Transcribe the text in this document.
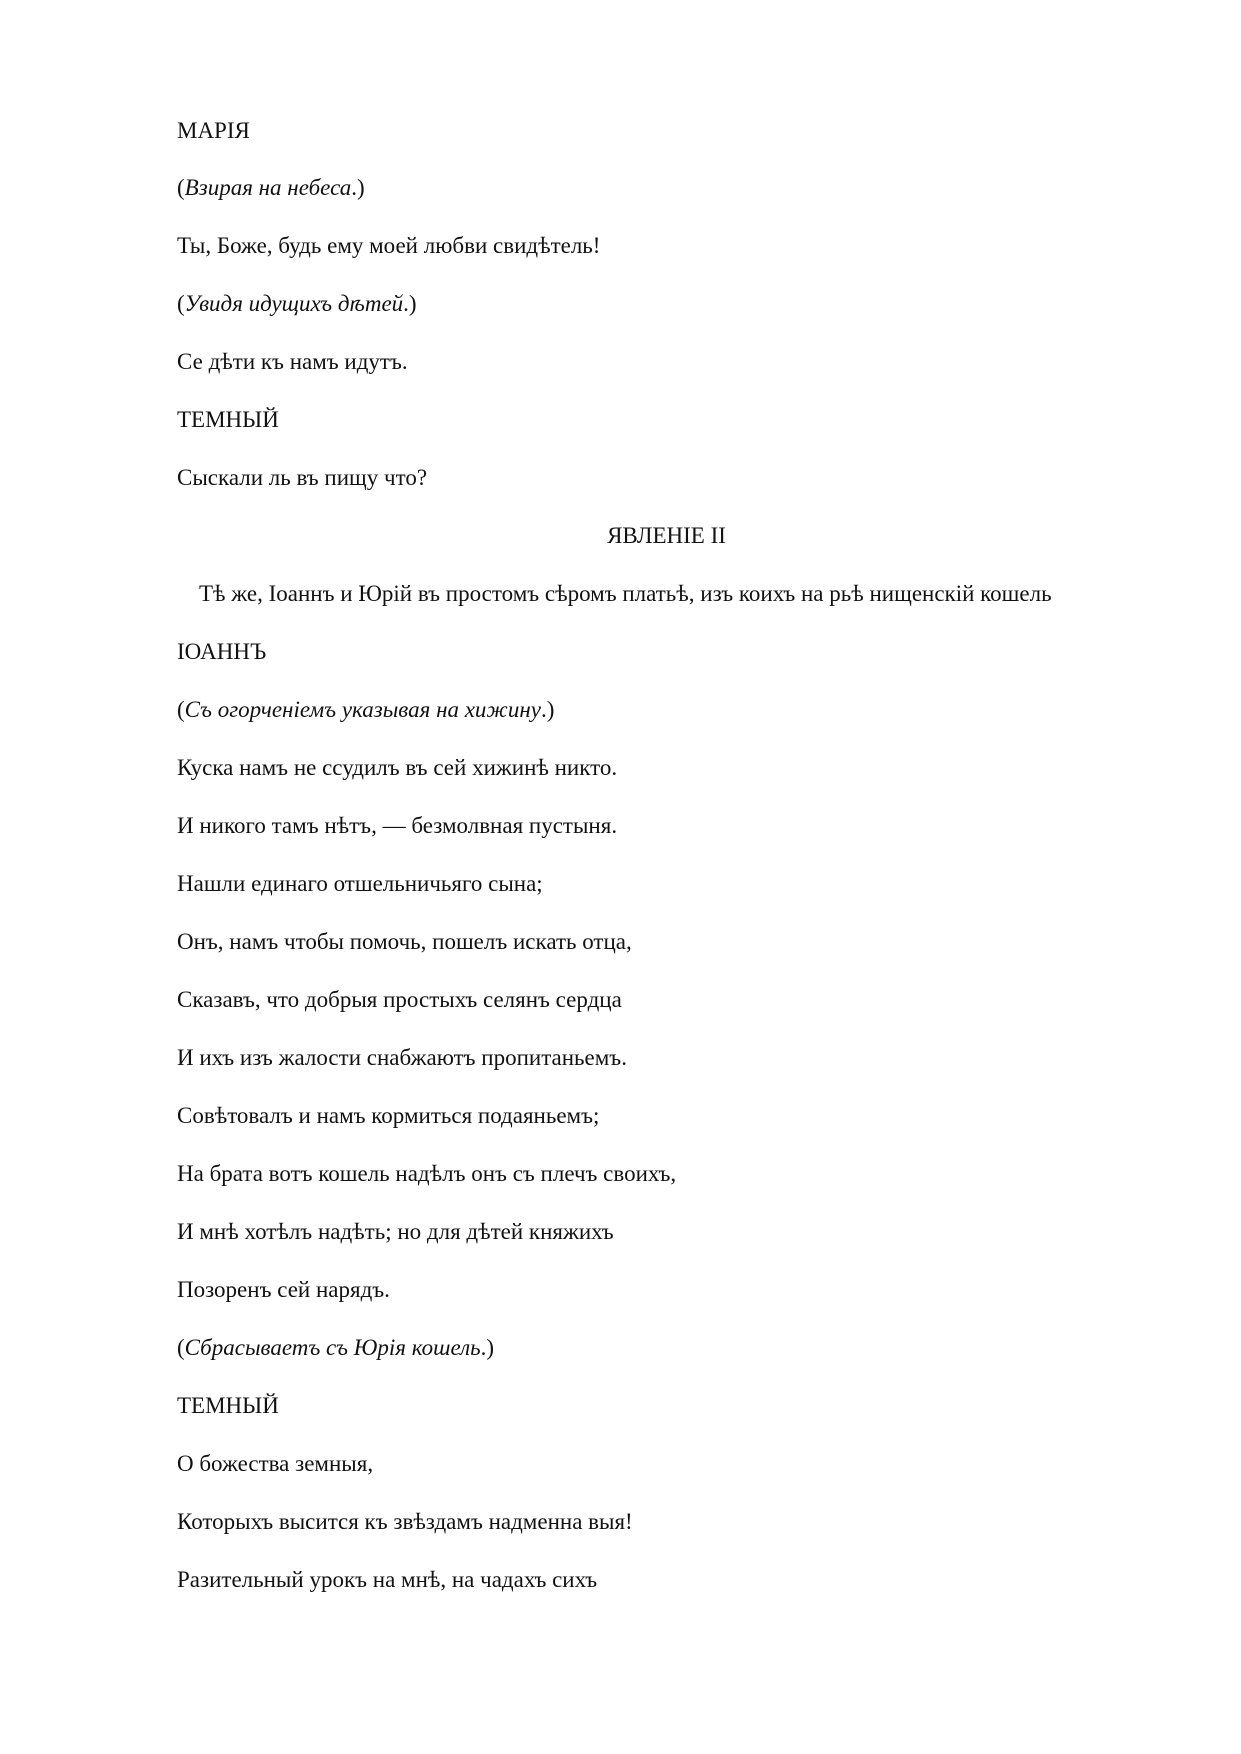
МАРІЯ
(Взирая на небеса.)
Ты, Боже, будь ему моей любви свидѣтель!
(Увидя идущихъ дѣтей.)
Се дѣти къ намъ идутъ.
ТЕМНЫЙ
Сыскали ль въ пищу что?
ЯВЛЕНІЕ II
Тѣ же, Іоаннъ и Юрій въ простомъ сѣромъ платьѣ, изъ коихъ на рьѣ нищенскій кошель
ІОАННЪ
(Съ огорченіемъ указывая на хижину.)
Куска намъ не ссудилъ въ сей хижинѣ никто.
И никого тамъ нѣтъ, — безмолвная пустыня.
Нашли единаго отшельничьяго сына;
Онъ, намъ чтобы помочь, пошелъ искать отца,
Сказавъ, что добрыя простыхъ селянъ сердца
И ихъ изъ жалости снабжаютъ пропитаньемъ.
Совѣтовалъ и намъ кормиться подаяньемъ;
На брата вотъ кошель надѣлъ онъ съ плечъ своихъ,
И мнѣ хотѣлъ надѣть; но для дѣтей княжихъ
Позоренъ сей нарядъ.
(Сбрасываетъ съ Юрія кошель.)
ТЕМНЫЙ
О божества земныя,
Которыхъ высится къ звѣздамъ надменна выя!
Разительный урокъ на мнѣ, на чадахъ сихъ
